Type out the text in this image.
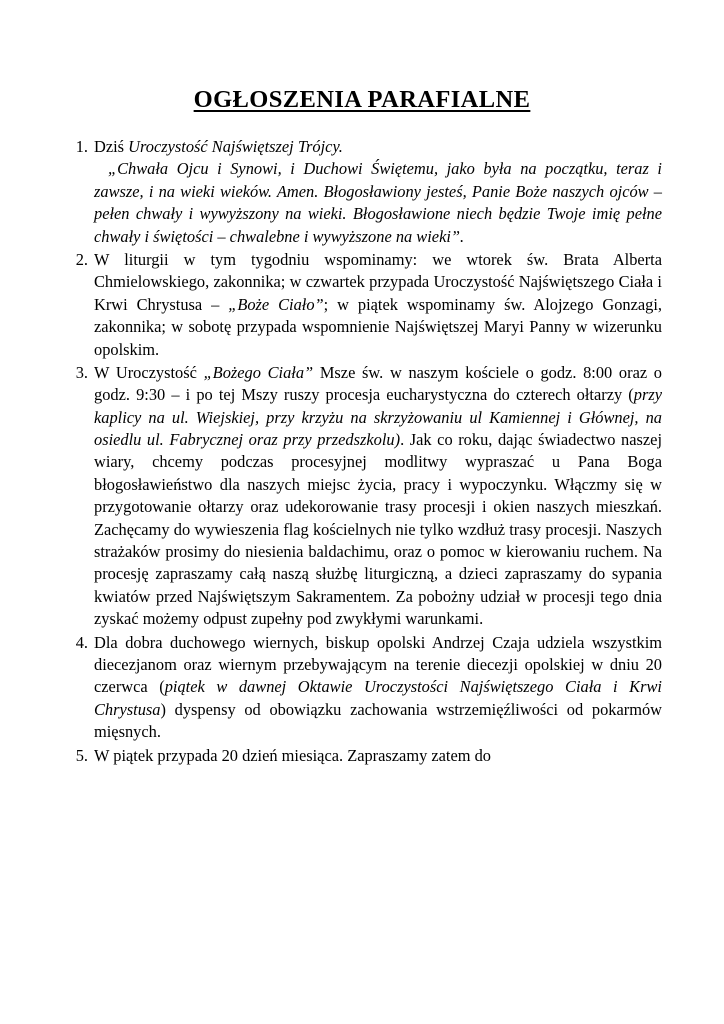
OGŁOSZENIA PARAFIALNE
Dziś Uroczystość Najświętszej Trójcy.
„Chwała Ojcu i Synowi, i Duchowi Świętemu, jako była na początku, teraz i zawsze, i na wieki wieków. Amen. Błogosławiony jesteś, Panie Boże naszych ojców – pełen chwały i wywyższony na wieki. Błogosławione niech będzie Twoje imię pełne chwały i świętości – chwalebne i wywyższone na wieki”.
W liturgii w tym tygodniu wspominamy: we wtorek św. Brata Alberta Chmielowskiego, zakonnika; w czwartek przypada Uroczystość Najświętszego Ciała i Krwi Chrystusa – „Boże Ciało”; w piątek wspominamy św. Alojzego Gonzagi, zakonnika; w sobotę przypada wspomnienie Najświętszej Maryi Panny w wizerunku opolskim.
W Uroczystość „Bożego Ciała” Msze św. w naszym kościele o godz. 8:00 oraz o godz. 9:30 – i po tej Mszy ruszy procesja eucharystyczna do czterech ołtarzy (przy kaplicy na ul. Wiejskiej, przy krzyżu na skrzyżowaniu ul Kamiennej i Głównej, na osiedlu ul. Fabrycznej oraz przy przedszkolu). Jak co roku, dając świadectwo naszej wiary, chcemy podczas procesyjnej modlitwy wypraszać u Pana Boga błogosławieństwo dla naszych miejsc życia, pracy i wypoczynku. Włączmy się w przygotowanie ołtarzy oraz udekorowanie trasy procesji i okien naszych mieszkań. Zachęcamy do wywieszenia flag kościelnych nie tylko wzdłuż trasy procesji. Naszych strażaków prosimy do niesienia baldachimu, oraz o pomoc w kierowaniu ruchem. Na procesję zapraszamy całą naszą służbę liturgiczną, a dzieci zapraszamy do sypania kwiatów przed Najświętszym Sakramentem. Za pobożny udział w procesji tego dnia zyskać możemy odpust zupełny pod zwykłymi warunkami.
Dla dobra duchowego wiernych, biskup opolski Andrzej Czaja udziela wszystkim diecezjanom oraz wiernym przebywającym na terenie diecezji opolskiej w dniu 20 czerwca (piątek w dawnej Oktawie Uroczystości Najświętszego Ciała i Krwi Chrystusa) dyspensy od obowiązku zachowania wstrzemięźliwości od pokarmów mięsnych.
W piątek przypada 20 dzień miesiąca. Zapraszamy zatem do
